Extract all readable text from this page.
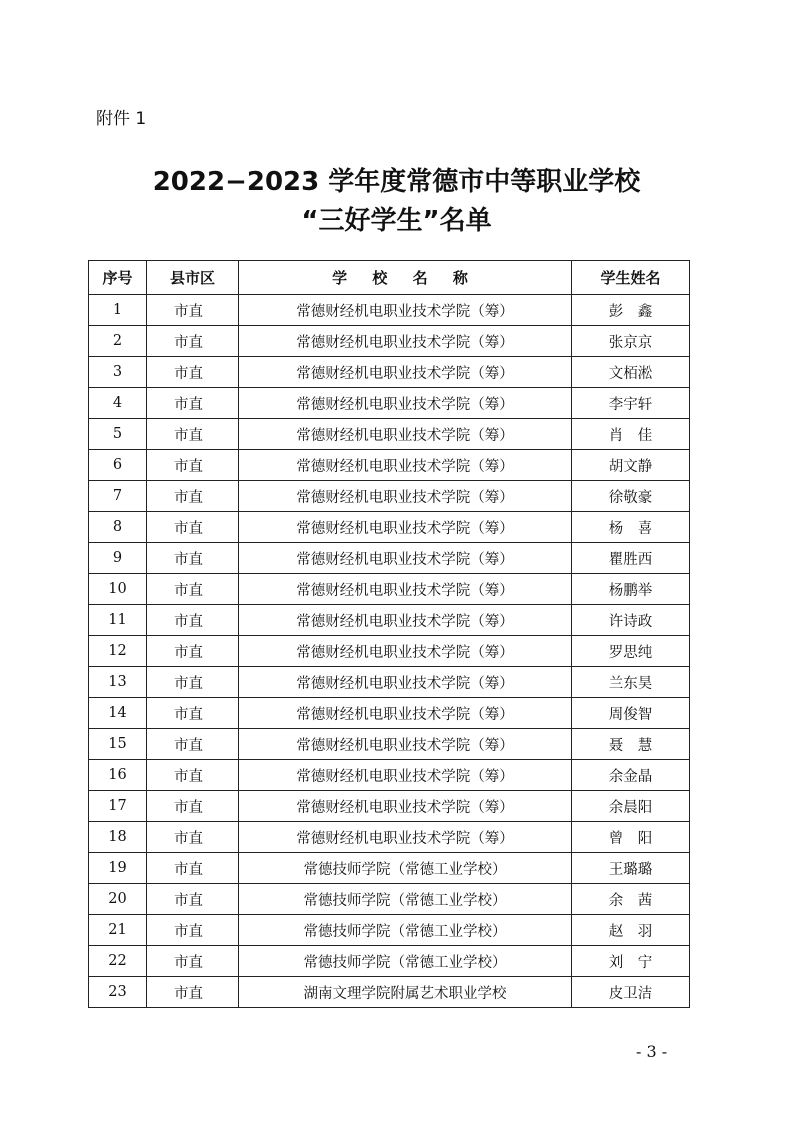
附件 1
2022−2023 学年度常德市中等职业学校
“三好学生”名单
序号	县市区	学 校 名 称	学生姓名
1	市直	常德财经机电职业技术学院（筹）	彭　鑫
2	市直	常德财经机电职业技术学院（筹）	张京京
3	市直	常德财经机电职业技术学院（筹）	文栢淞
4	市直	常德财经机电职业技术学院（筹）	李宇轩
5	市直	常德财经机电职业技术学院（筹）	肖　佳
6	市直	常德财经机电职业技术学院（筹）	胡文静
7	市直	常德财经机电职业技术学院（筹）	徐敬豪
8	市直	常德财经机电职业技术学院（筹）	杨　喜
9	市直	常德财经机电职业技术学院（筹）	瞿胜西
10	市直	常德财经机电职业技术学院（筹）	杨鹏举
11	市直	常德财经机电职业技术学院（筹）	许诗政
12	市直	常德财经机电职业技术学院（筹）	罗思纯
13	市直	常德财经机电职业技术学院（筹）	兰东昊
14	市直	常德财经机电职业技术学院（筹）	周俊智
15	市直	常德财经机电职业技术学院（筹）	聂　慧
16	市直	常德财经机电职业技术学院（筹）	余金晶
17	市直	常德财经机电职业技术学院（筹）	余晨阳
18	市直	常德财经机电职业技术学院（筹）	曾　阳
19	市直	常德技师学院（常德工业学校）	王璐璐
20	市直	常德技师学院（常德工业学校）	余　茜
21	市直	常德技师学院（常德工业学校）	赵　羽
22	市直	常德技师学院（常德工业学校）	刘　宁
23	市直	湖南文理学院附属艺术职业学校	皮卫洁
- 3 -
